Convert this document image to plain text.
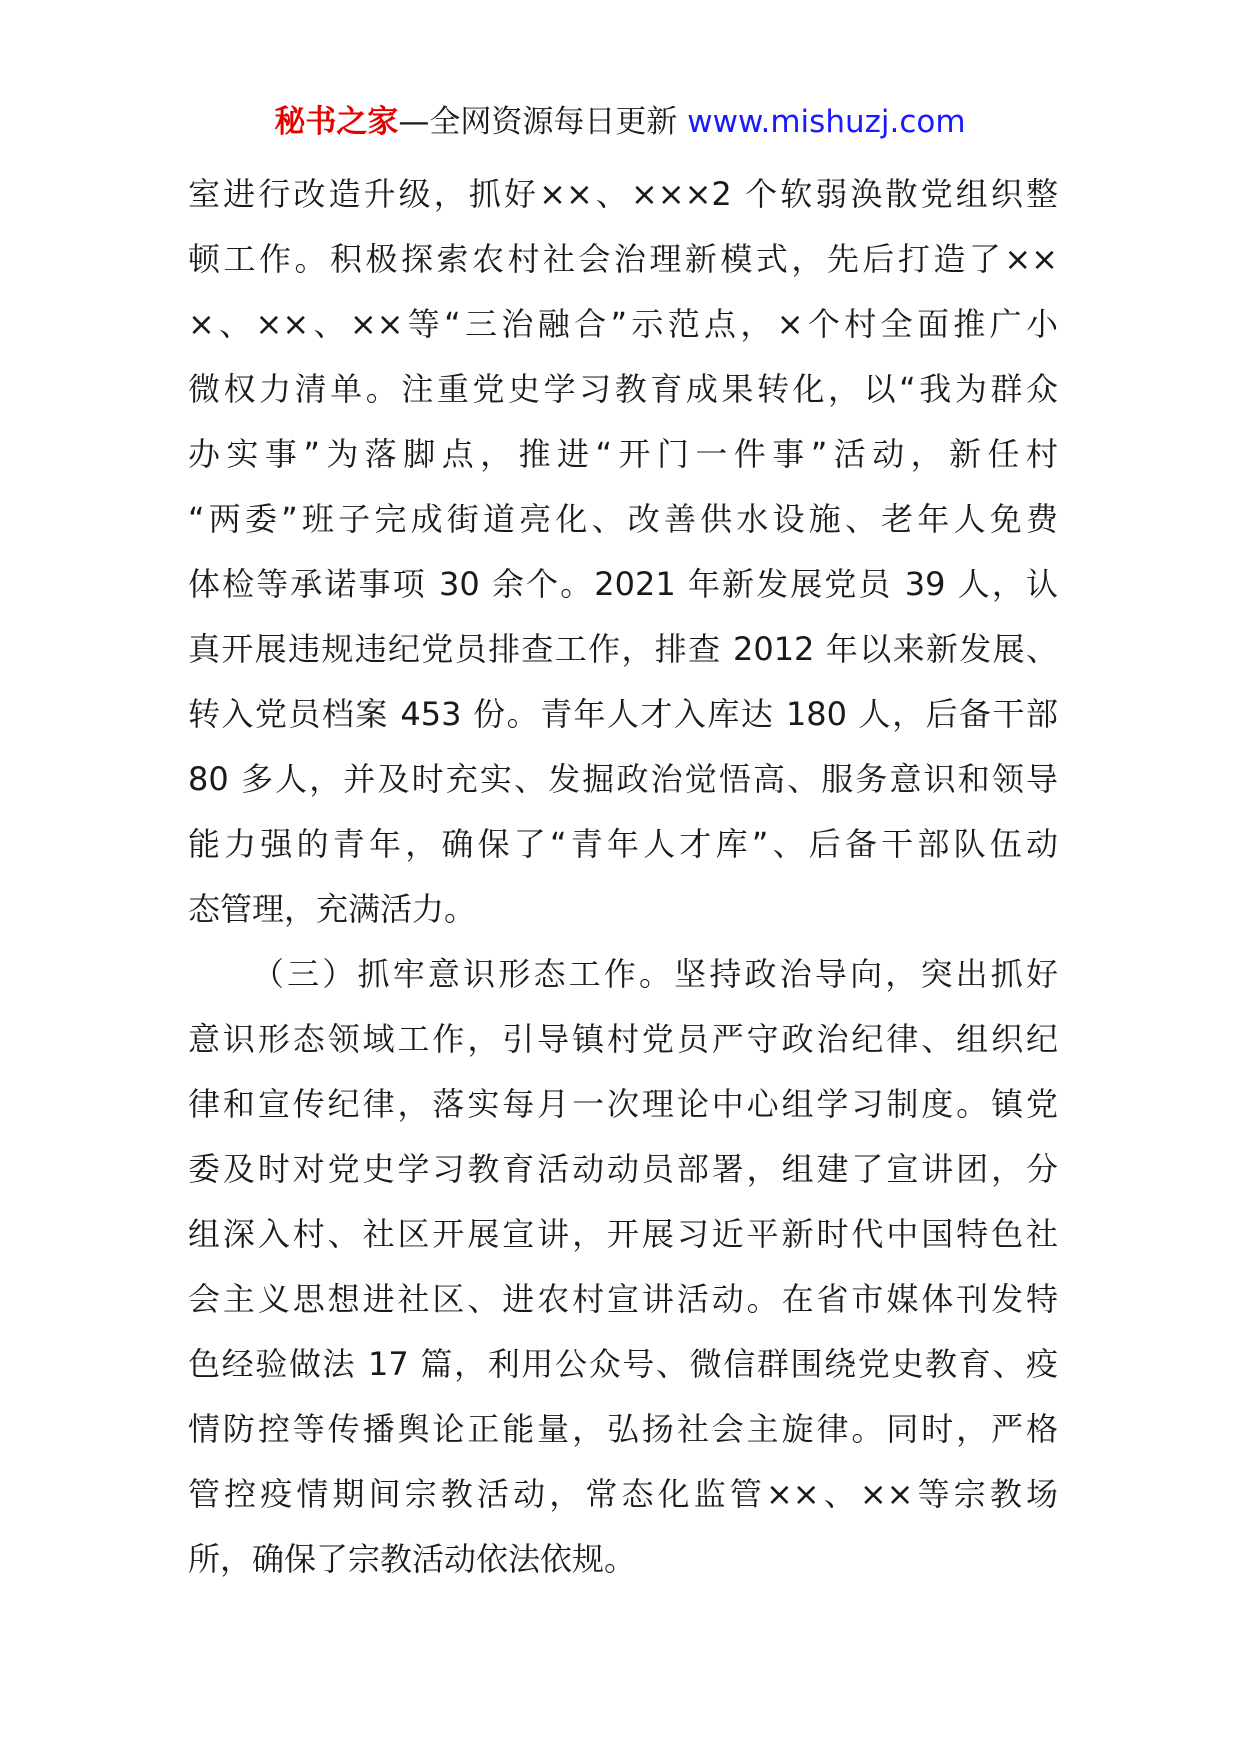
秘书之家—全网资源每日更新 www.mishuzj.com
室进行改造升级，抓好××、×××2 个软弱涣散党组织整
顿工作。积极探索农村社会治理新模式，先后打造了××
×、××、××等“三治融合”示范点，×个村全面推广小
微权力清单。注重党史学习教育成果转化，以“我为群众
办实事”为落脚点，推进“开门一件事”活动，新任村
“两委”班子完成街道亮化、改善供水设施、老年人免费
体检等承诺事项 30 余个。2021 年新发展党员 39 人，认
真开展违规违纪党员排查工作，排查 2012 年以来新发展、
转入党员档案 453 份。青年人才入库达 180 人，后备干部
80 多人，并及时充实、发掘政治觉悟高、服务意识和领导
能力强的青年，确保了“青年人才库”、后备干部队伍动
态管理，充满活力。
（三）抓牢意识形态工作。坚持政治导向，突出抓好
意识形态领域工作，引导镇村党员严守政治纪律、组织纪
律和宣传纪律，落实每月一次理论中心组学习制度。镇党
委及时对党史学习教育活动动员部署，组建了宣讲团，分
组深入村、社区开展宣讲，开展习近平新时代中国特色社
会主义思想进社区、进农村宣讲活动。在省市媒体刊发特
色经验做法 17 篇，利用公众号、微信群围绕党史教育、疫
情防控等传播舆论正能量，弘扬社会主旋律。同时，严格
管控疫情期间宗教活动，常态化监管××、××等宗教场
所，确保了宗教活动依法依规。
